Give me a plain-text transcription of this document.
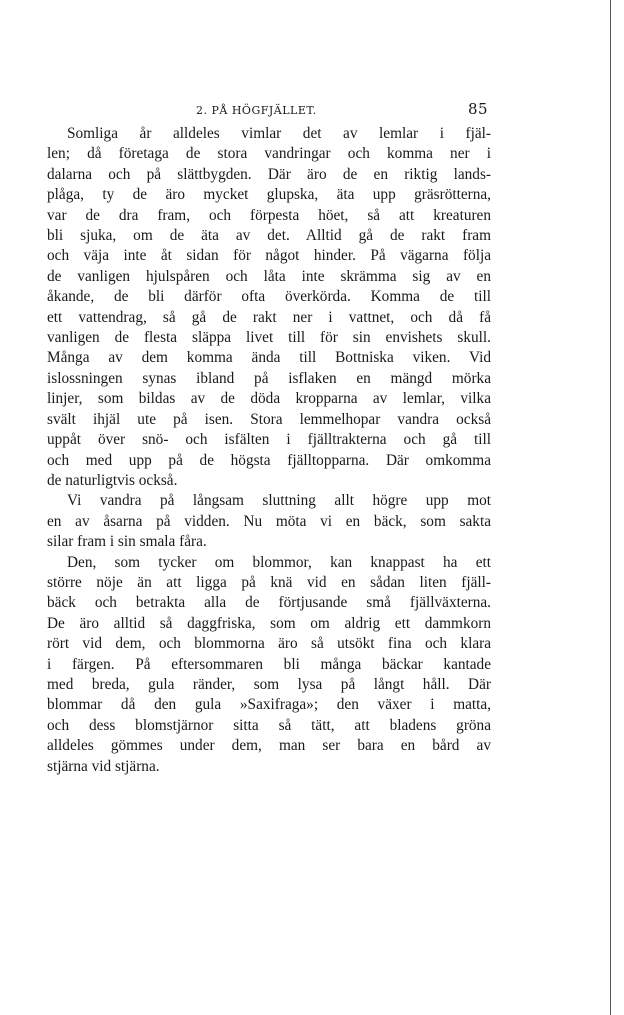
2. PÅ HÖGFJÄLLET.	85
Somliga år alldeles vimlar det av lemlar i fjäl-
len; då företaga de stora vandringar och komma ner i
dalarna och på slättbygden. Där äro de en riktig lands-
plåga, ty de äro mycket glupska, äta upp gräsrötterna,
var de dra fram, och förpesta höet, så att kreaturen
bli sjuka, om de äta av det. Alltid gå de rakt fram
och väja inte åt sidan för något hinder. På vägarna följa
de vanligen hjulspåren och låta inte skrämma sig av en
åkande, de bli därför ofta överkörda. Komma de till
ett vattendrag, så gå de rakt ner i vattnet, och då få
vanligen de flesta släppa livet till för sin envishets skull.
Många av dem komma ända till Bottniska viken. Vid
islossningen synas ibland på isflaken en mängd mörka
linjer, som bildas av de döda kropparna av lemlar, vilka
svält ihjäl ute på isen. Stora lemmelhopar vandra också
uppåt över snö- och isfälten i fjälltrakterna och gå till
och med upp på de högsta fjälltopparna. Där omkomma
de naturligtvis också.
Vi vandra på långsam sluttning allt högre upp mot
en av åsarna på vidden. Nu möta vi en bäck, som sakta
silar fram i sin smala fåra.
Den, som tycker om blommor, kan knappast ha ett
större nöje än att ligga på knä vid en sådan liten fjäll-
bäck och betrakta alla de förtjusande små fjällväxterna.
De äro alltid så daggfriska, som om aldrig ett dammkorn
rört vid dem, och blommorna äro så utsökt fina och klara
i färgen. På eftersommaren bli många bäckar kantade
med breda, gula ränder, som lysa på långt håll. Där
blommar då den gula »Saxifraga»; den växer i matta,
och dess blomstjärnor sitta så tätt, att bladens gröna
alldeles gömmes under dem, man ser bara en bård av
stjärna vid stjärna.
